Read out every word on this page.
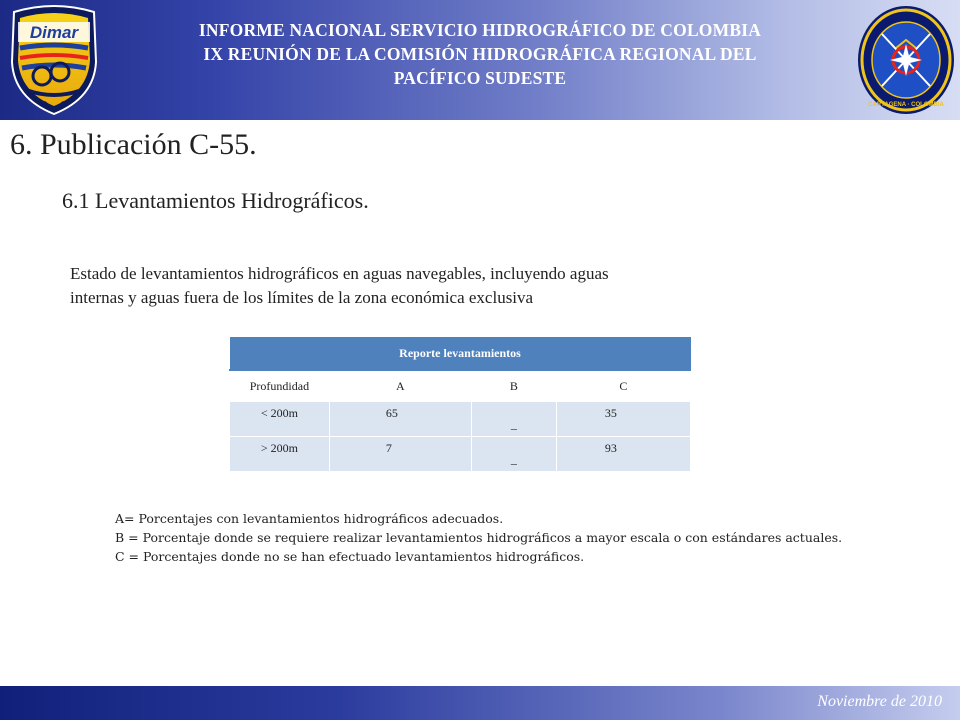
Dimar	INFORME NACIONAL SERVICIO HIDROGRÁFICO DE COLOMBIA
IX REUNIÓN DE LA COMISIÓN HIDROGRÁFICA REGIONAL DEL
PACÍFICO SUDESTE
CARTAGENA · COLOMBIA
6. Publicación C-55.
6.1 Levantamientos Hidrográficos.
Estado de levantamientos hidrográficos en aguas navegables, incluyendo aguas
internas y aguas fuera de los límites de la zona económica exclusiva
Reporte levantamientos			
Profundidad	A	B	C
< 200m	65	_	35
> 200m	7	_	93
A= Porcentajes con levantamientos hidrográficos adecuados.
B = Porcentaje donde se requiere realizar levantamientos hidrográficos a mayor escala o con estándares actuales.
C = Porcentajes donde no se han efectuado levantamientos hidrográficos.
Noviembre de 2010
